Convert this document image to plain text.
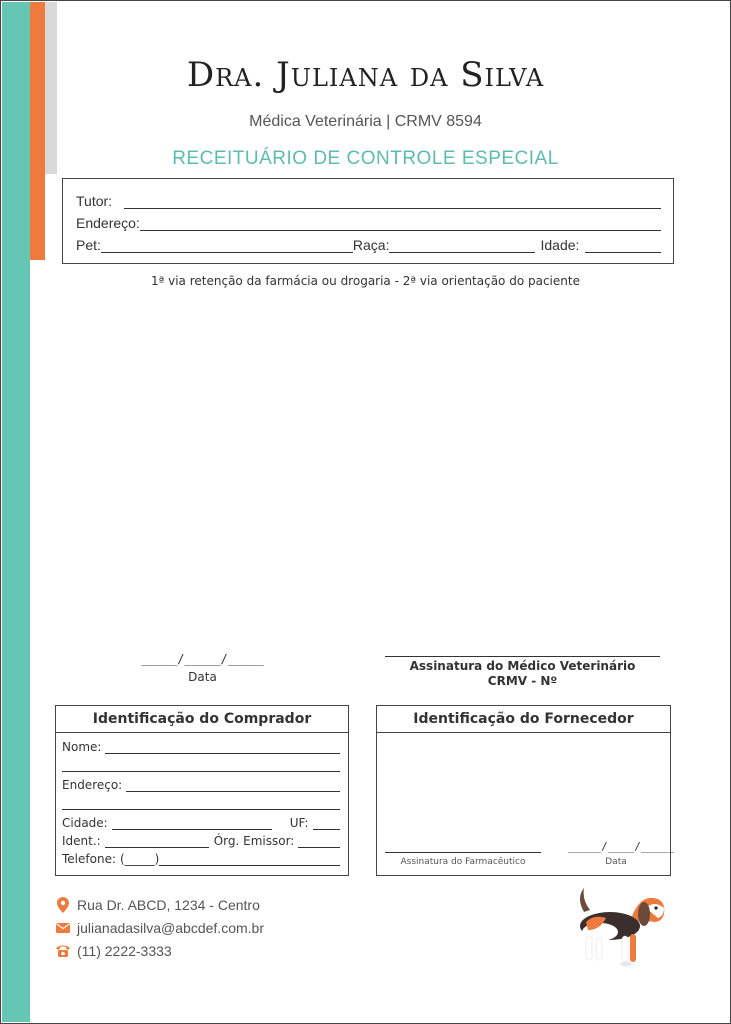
Dra. Juliana da Silva
Médica Veterinária | CRMV 8594
RECEITUÁRIO DE CONTROLE ESPECIAL
Tutor:
Endereço:
Pet:	Raça:	Idade:
1ª via retenção da farmácia ou drogaria - 2ª via orientação do paciente
_____/_____/_____
Data
Assinatura do Médico Veterinário
CRMV - Nº
Identificação do Comprador
Nome:
Endereço:
Cidade:	UF:
Ident.:	Órg. Emissor:
Telefone: (_____)
Identificação do Fornecedor
Assinatura do Farmacêutico
_____/____/_____
Data
Rua Dr. ABCD, 1234 - Centro
julianadasilva@abcdef.com.br
(11) 2222-3333
